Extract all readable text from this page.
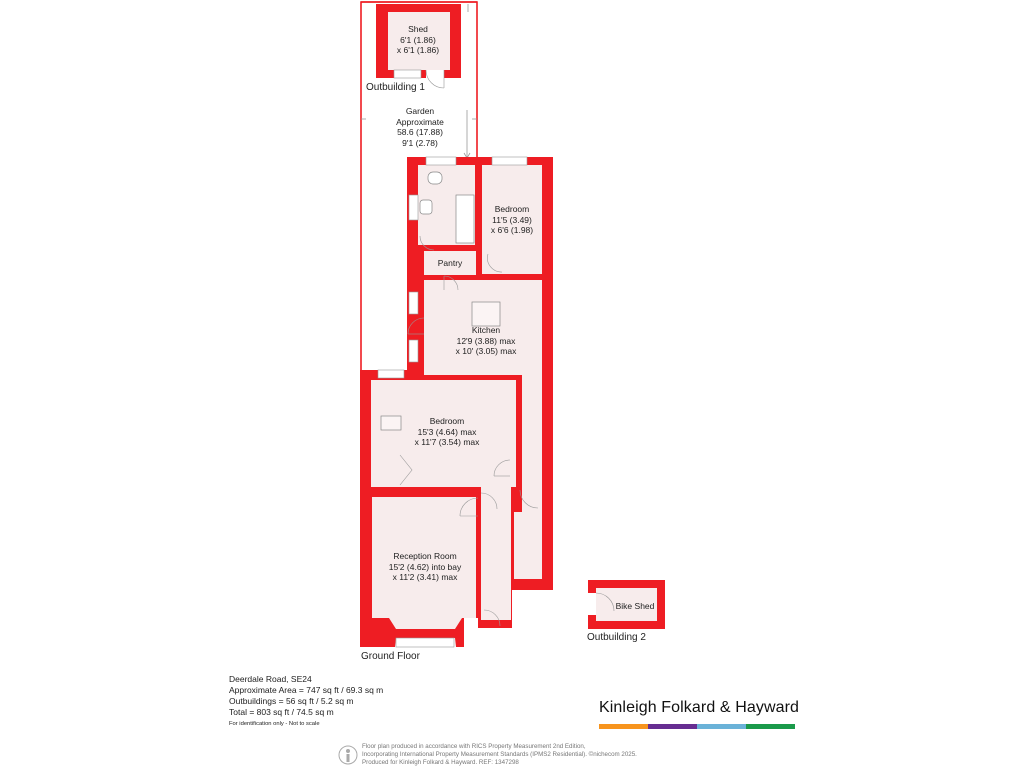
Shed
6'1 (1.86)
x 6'1 (1.86)
Garden
Approximate
58.6 (17.88)
9'1 (2.78)
Bedroom
11'5 (3.49)
x 6'6 (1.98)
Pantry
Kitchen
12'9 (3.88) max
x 10' (3.05) max
Bedroom
15'3 (4.64) max
x 11'7 (3.54) max
Reception Room
15'2 (4.62) into bay
x 11'2 (3.41) max
Bike Shed
Outbuilding 1
Outbuilding 2
Ground Floor
Deerdale Road, SE24
Approximate Area = 747 sq ft / 69.3 sq m
Outbuildings = 56 sq ft / 5.2 sq m
Total = 803 sq ft / 74.5 sq m
For identification only - Not to scale
Kinleigh Folkard & Hayward
Floor plan produced in accordance with RICS Property Measurement 2nd Edition,
Incorporating International Property Measurement Standards (IPMS2 Residential). ©nichecom 2025.
Produced for Kinleigh Folkard & Hayward. REF: 1347298
